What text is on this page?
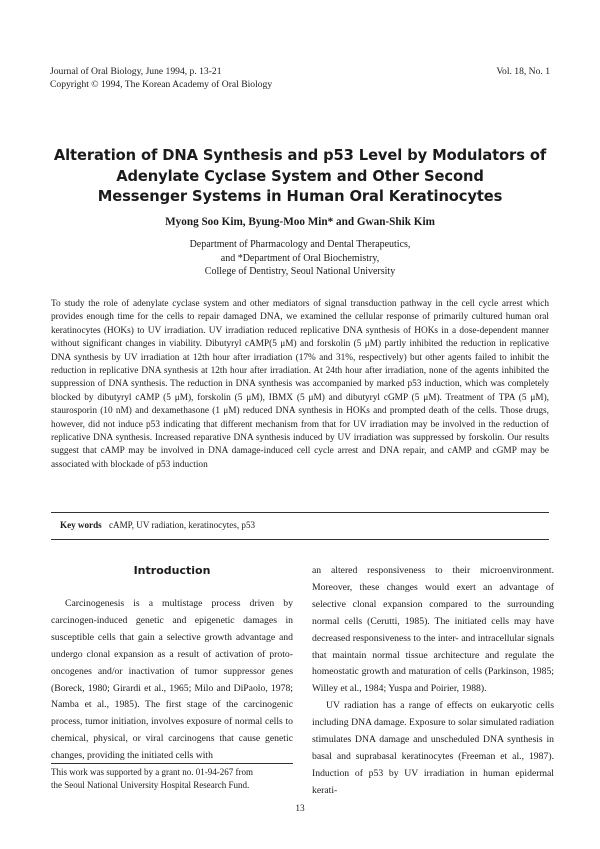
Journal of Oral Biology, June 1994, p. 13-21
Copyright © 1994, The Korean Academy of Oral Biology
Vol. 18, No. 1
Alteration of DNA Synthesis and p53 Level by Modulators of
Adenylate Cyclase System and Other Second
Messenger Systems in Human Oral Keratinocytes
Myong Soo Kim, Byung-Moo Min* and Gwan-Shik Kim
Department of Pharmacology and Dental Therapeutics,
and *Department of Oral Biochemistry,
College of Dentistry, Seoul National University
To study the role of adenylate cyclase system and other mediators of signal transduction pathway in the cell cycle arrest which provides enough time for the cells to repair damaged DNA, we examined the cellular response of primarily cultured human oral keratinocytes (HOKs) to UV irradiation. UV irradiation reduced replicative DNA synthesis of HOKs in a dose-dependent manner without significant changes in viability. Dibutyryl cAMP(5 μM) and forskolin (5 μM) partly inhibited the reduction in replicative DNA synthesis by UV irradiation at 12th hour after irradiation (17% and 31%, respectively) but other agents failed to inhibit the reduction in replicative DNA synthesis at 12th hour after irradiation. At 24th hour after irradiation, none of the agents inhibited the suppression of DNA synthesis. The reduction in DNA synthesis was accompanied by marked p53 induction, which was completely blocked by dibutyryl cAMP (5 μM), forskolin (5 μM), IBMX (5 μM) and dibutyryl cGMP (5 μM). Treatment of TPA (5 μM), staurosporin (10 nM) and dexamethasone (1 μM) reduced DNA synthesis in HOKs and prompted death of the cells. Those drugs, however, did not induce p53 indicating that different mechanism from that for UV irradiation may be involved in the reduction of replicative DNA synthesis. Increased reparative DNA synthesis induced by UV irradiation was suppressed by forskolin. Our results suggest that cAMP may be involved in DNA damage-induced cell cycle arrest and DNA repair, and cAMP and cGMP may be associated with blockade of p53 induction
Key words cAMP, UV radiation, keratinocytes, p53
Introduction

Carcinogenesis is a multistage process driven by carcinogen-induced genetic and epigenetic damages in susceptible cells that gain a selective growth advantage and undergo clonal expansion as a result of activation of proto-oncogenes and/or inactivation of tumor suppressor genes (Boreck, 1980; Girardi et al., 1965; Milo and DiPaolo, 1978; Namba et al., 1985). The first stage of the carcinogenic process, tumor initiation, involves exposure of normal cells to chemical, physical, or viral carcinogens that cause genetic changes, providing the initiated cells with

an altered responsiveness to their microenvironment. Moreover, these changes would exert an advantage of selective clonal expansion compared to the surrounding normal cells (Cerutti, 1985). The initiated cells may have decreased responsiveness to the inter- and intracellular signals that maintain normal tissue architecture and regulate the homeostatic growth and maturation of cells (Parkinson, 1985; Willey et al., 1984; Yuspa and Poirier, 1988).

UV radiation has a range of effects on eukaryotic cells including DNA damage. Exposure to solar simulated radiation stimulates DNA damage and unscheduled DNA synthesis in basal and suprabasal keratinocytes (Freeman et al., 1987). Induction of p53 by UV irradiation in human epidermal kerati-

This work was supported by a grant no. 01-94-267 from
the Seoul National University Hospital Research Fund.
13
